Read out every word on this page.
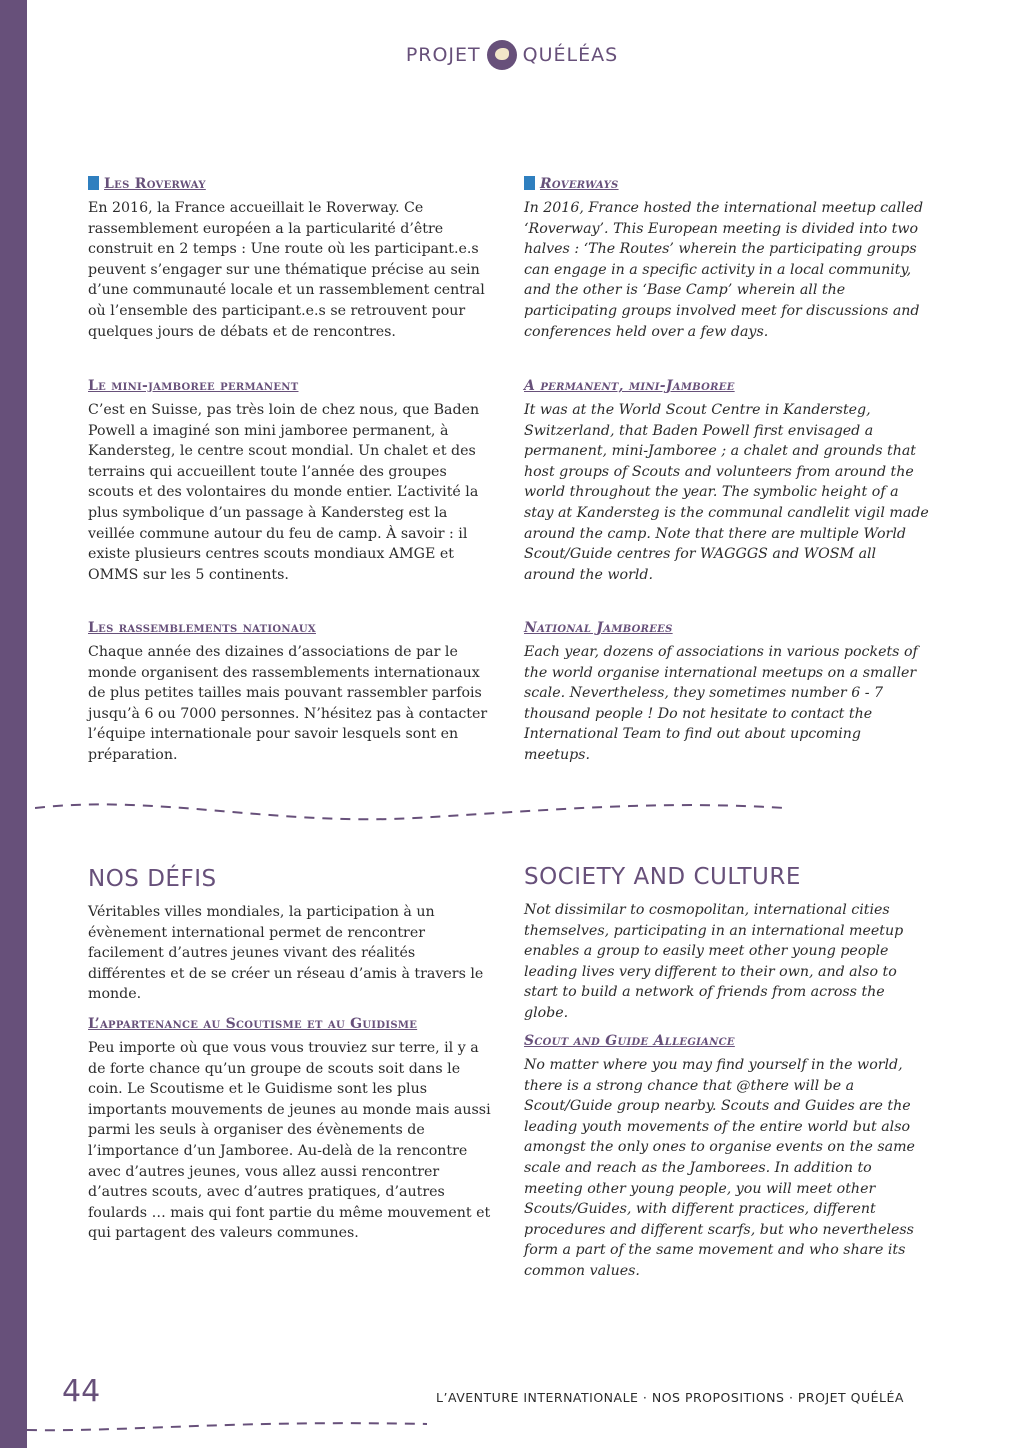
PROJET QUÉLÉAS
Les Roverway

En 2016, la France accueillait le Roverway. Ce rassemblement européen a la particularité d’être construit en 2 temps : Une route où les participant.e.s peuvent s’engager sur une thématique précise au sein d’une communauté locale et un rassemblement central où l’ensemble des participant.e.s se retrouvent pour quelques jours de débats et de rencontres.

Le mini-jamboree permanent

C’est en Suisse, pas très loin de chez nous, que Baden Powell a imaginé son mini jamboree permanent, à Kandersteg, le centre scout mondial. Un chalet et des terrains qui accueillent toute l’année des groupes scouts et des volontaires du monde entier. L’activité la plus symbolique d’un passage à Kandersteg est la veillée commune autour du feu de camp. À savoir : il existe plusieurs centres scouts mondiaux AMGE et OMMS sur les 5 continents.

Les rassemblements nationaux

Chaque année des dizaines d’associations de par le monde organisent des rassemblements internationaux de plus petites tailles mais pouvant rassembler parfois jusqu’à 6 ou 7000 personnes. N’hésitez pas à contacter l’équipe internationale pour savoir lesquels sont en préparation.

Roverways

In 2016, France hosted the international meetup called ‘Roverway’. This European meeting is divided into two halves : ‘The Routes’ wherein the participating groups can engage in a specific activity in a local community, and the other is ‘Base Camp’ wherein all the participating groups involved meet for discussions and conferences held over a few days.

A permanent, mini-Jamboree

It was at the World Scout Centre in Kandersteg, Switzerland, that Baden Powell first envisaged a permanent, mini-Jamboree ; a chalet and grounds that host groups of Scouts and volunteers from around the world throughout the year. The symbolic height of a stay at Kandersteg is the communal candlelit vigil made around the camp. Note that there are multiple World Scout/Guide centres for WAGGGS and WOSM all around the world.

National Jamborees

Each year, dozens of associations in various pockets of the world organise international meetups on a smaller scale. Nevertheless, they sometimes number 6 - 7 thousand people ! Do not hesitate to contact the International Team to find out about upcoming meetups.

NOS DÉFIS

Véritables villes mondiales, la participation à un évènement international permet de rencontrer facilement d’autres jeunes vivant des réalités différentes et de se créer un réseau d’amis à travers le monde.

L’appartenance au Scoutisme et au Guidisme

Peu importe où que vous vous trouviez sur terre, il y a de forte chance qu’un groupe de scouts soit dans le coin. Le Scoutisme et le Guidisme sont les plus importants mouvements de jeunes au monde mais aussi parmi les seuls à organiser des évènements de l’importance d’un Jamboree. Au-delà de la rencontre avec d’autres jeunes, vous allez aussi rencontrer d’autres scouts, avec d’autres pratiques, d’autres foulards … mais qui font partie du même mouvement et qui partagent des valeurs communes.

SOCIETY AND CULTURE

Not dissimilar to cosmopolitan, international cities themselves, participating in an international meetup enables a group to easily meet other young people leading lives very different to their own, and also to start to build a network of friends from across the globe.

Scout and Guide Allegiance

No matter where you may find yourself in the world, there is a strong chance that @there will be a Scout/Guide group nearby. Scouts and Guides are the leading youth movements of the entire world but also amongst the only ones to organise events on the same scale and reach as the Jamborees. In addition to meeting other young people, you will meet other Scouts/Guides, with different practices, different procedures and different scarfs, but who nevertheless form a part of the same movement and who share its common values.

44	L’AVENTURE INTERNATIONALE · NOS PROPOSITIONS · PROJET QUÉLÉA
